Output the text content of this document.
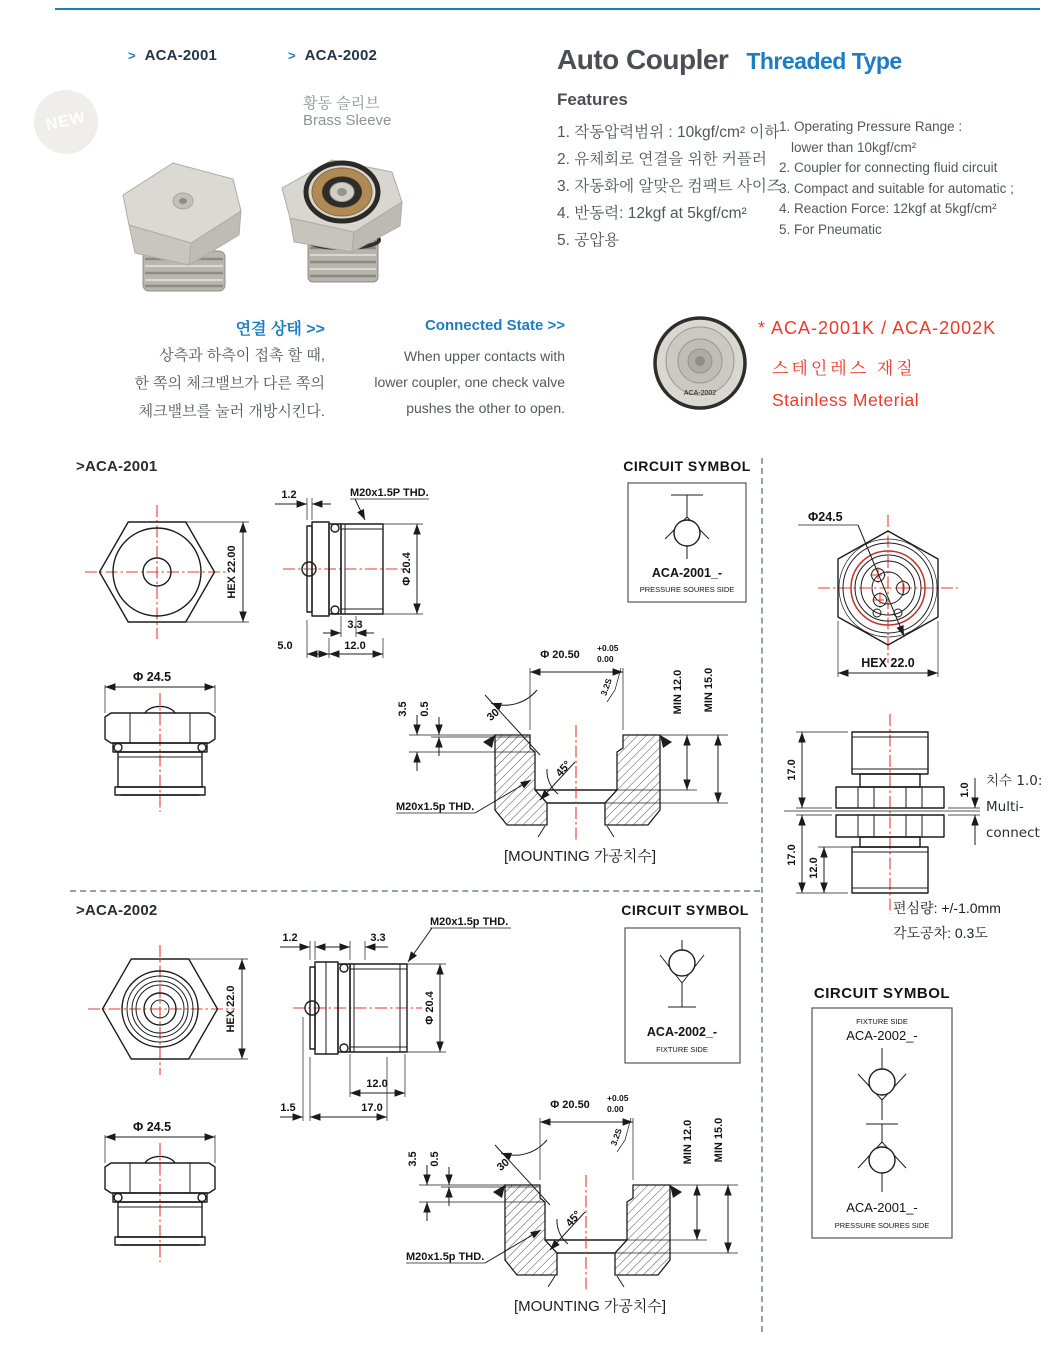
NEW
> ACA-2001	> ACA-2002
황동 슬리브
Brass Sleeve
Auto Coupler Threaded Type
Features
1. 작동압력범위 : 10kgf/cm² 이하
2. 유체회로 연결을 위한 커플러
3. 자동화에 알맞은 컴팩트 사이즈
4. 반동력: 12kgf at 5kgf/cm²
5. 공압용
1. Operating Pressure Range :
lower than 10kgf/cm²
2. Coupler for connecting fluid circuit
3. Compact and suitable for automatic ;
4. Reaction Force: 12kgf at 5kgf/cm²
5. For Pneumatic
연결 상태 >>
상측과 하측이 접촉 할 때,
한 쪽의 체크밸브가 다른 쪽의
체크밸브를 눌러 개방시킨다.
Connected State >>
When upper contacts with
lower coupler, one check valve
pushes the other to open.
ACA-2002
* ACA-2001K / ACA-2002K
스테인레스 재질
Stainless Meterial
>ACA-2001
>ACA-2002
HEX 22.00
1.2	M20x1.5P THD.
Φ 20.4
3.3
5.0	12.0
CIRCUIT SYMBOL
ACA-2001_-
PRESSURE SOURES SIDE
Φ 24.5
Φ 20.50
+0.05
0.00
3.2S	MIN 12.0 MIN 15.0
3.5 0.5	30°
45°
M20x1.5p THD.
[MOUNTING 가공치수]
Φ24.5
HEX 22.0
17.0
17.0
12.0
1.0
치수 1.0:
Multi-
connect
편심량: +/-1.0mm
각도공차: 0.3도
CIRCUIT SYMBOL
FIXTURE SIDE
ACA-2002_-
ACA-2001_-
PRESSURE SOURES SIDE
HEX 22.0
1.2	3.3
M20x1.5p THD.
Φ 20.4
12.0
1.5	17.0
CIRCUIT SYMBOL
ACA-2002_-
FIXTURE SIDE
Φ 24.5
Φ 20.50
+0.05
0.00
3.2S	MIN 12.0 MIN 15.0
3.5 0.5	30°
45°
M20x1.5p THD.
[MOUNTING 가공치수]
